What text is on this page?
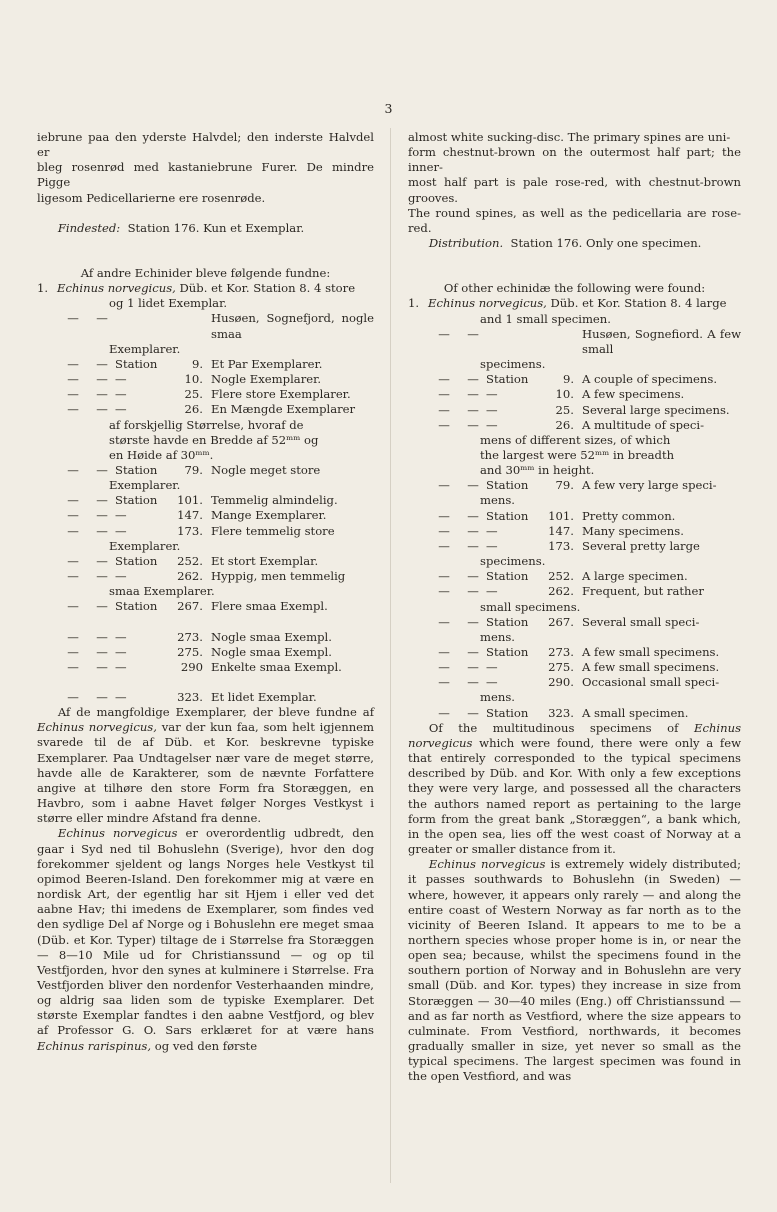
3
iebrune paa den yderste Halvdel; den inderste Halvdel er
bleg rosenrød med kastaniebrune Furer. De mindre Pigge
ligesom Pedicellarierne ere rosenrøde.
Findested: Station 176. Kun et Exemplar.
Af andre Echinider bleve følgende fundne:
1. Echinus norvegicus,
Düb. et Kor. Station 8. 4 store
og 1 lidet Exemplar.
—	—	Husøen, Sognefjord, nogle smaa
Exemplarer.
—	— Station	9. Et Par Exemplarer.
—	— —	10. Nogle Exemplarer.
—	— —	25. Flere store Exemplarer.
—	— —	26. En Mængde Exemplarer
af forskjellig Størrelse, hvoraf de
største havde en Bredde af 52ᵐᵐ og
en Høide af 30ᵐᵐ.
—	— Station	79. Nogle meget store
Exemplarer.
—	— Station	101. Temmelig almindelig.
—	— —	147. Mange Exemplarer.
—	— —	173. Flere temmelig store
Exemplarer.
—	— Station	252. Et stort Exemplar.
—	— —	262. Hyppig, men temmelig
smaa Exemplarer.
—	— Station	267. Flere smaa Exempl.
—	— —	273. Nogle smaa Exempl.
—	— —	275. Nogle smaa Exempl.
—	— —	290 Enkelte smaa Exempl.
—	— —	323. Et lidet Exemplar.
Af de mangfoldige Exemplarer, der bleve fundne af Echinus norvegicus, var der kun faa, som helt igjennem svarede til de af Düb. et Kor. beskrevne typiske Exemplarer. Paa Undtagelser nær vare de meget større, havde alle de Karakterer, som de nævnte Forfattere angive at tilhøre den store Form fra Storæggen, en Havbro, som i aabne Havet følger Norges Vestkyst i større eller mindre Afstand fra denne.
Echinus norvegicus er overordentlig udbredt, den gaar i Syd ned til Bohuslehn (Sverige), hvor den dog forekommer sjeldent og langs Norges hele Vestkyst til opimod Beeren-Island. Den forekommer mig at være en nordisk Art, der egentlig har sit Hjem i eller ved det aabne Hav; thi imedens de Exemplarer, som findes ved den sydlige Del af Norge og i Bohuslehn ere meget smaa (Düb. et Kor. Typer) tiltage de i Størrelse fra Storæggen — 8—10 Mile ud for Christianssund — og op til Vestfjorden, hvor den synes at kulminere i Størrelse. Fra Vestfjorden bliver den nordenfor Vesterhaanden mindre, og aldrig saa liden som de typiske Exemplarer. Det største Exemplar fandtes i den aabne Vestfjord, og blev af Professor G. O. Sars erklæret for at være hans Echinus rarispinus, og ved den første
almost white sucking-disc. The primary spines are uni-
form chestnut-brown on the outermost half part; the inner-
most half part is pale rose-red, with chestnut-brown grooves.
The round spines, as well as the pedicellaria are rose-red.
Distribution. Station 176. Only one specimen.
Of other echinidæ the following were found:
1. Echinus norvegicus,
Düb. et Kor. Station 8. 4 large
and 1 small specimen.
—	—	Husøen, Sognefiord. A few small
specimens.
—	— Station	9. A couple of specimens.
—	— —	10. A few specimens.
—	— —	25. Several large specimens.
—	— —	26. A multitude of speci-
mens of different sizes, of which
the largest were 52ᵐᵐ in breadth
and 30ᵐᵐ in height.
—	— Station	79. A few very large speci-
mens.
—	— Station	101. Pretty common.
—	— —	147. Many specimens.
—	— —	173. Several pretty large
specimens.
—	— Station	252. A large specimen.
—	— —	262. Frequent, but rather
small specimens.
—	— Station	267. Several small speci-
mens.
—	— Station	273. A few small specimens.
—	— —	275. A few small specimens.
—	— —	290. Occasional small speci-
mens.
—	— Station	323. A small specimen.
Of the multitudinous specimens of Echinus norvegicus which were found, there were only a few that entirely corresponded to the typical specimens described by Düb. and Kor. With only a few exceptions they were very large, and possessed all the characters the authors named report as pertaining to the large form from the great bank „Storæggen“, a bank which, in the open sea, lies off the west coast of Norway at a greater or smaller distance from it.
Echinus norvegicus is extremely widely distributed; it passes southwards to Bohuslehn (in Sweden) — where, however, it appears only rarely — and along the entire coast of Western Norway as far north as to the vicinity of Beeren Island. It appears to me to be a northern species whose proper home is in, or near the open sea; because, whilst the specimens found in the southern portion of Norway and in Bohuslehn are very small (Düb. and Kor. types) they increase in size from Storæggen — 30—40 miles (Eng.) off Christianssund — and as far north as Vestfiord, where the size appears to culminate. From Vestfiord, northwards, it becomes gradually smaller in size, yet never so small as the typical specimens. The largest specimen was found in the open Vestfiord, and was
